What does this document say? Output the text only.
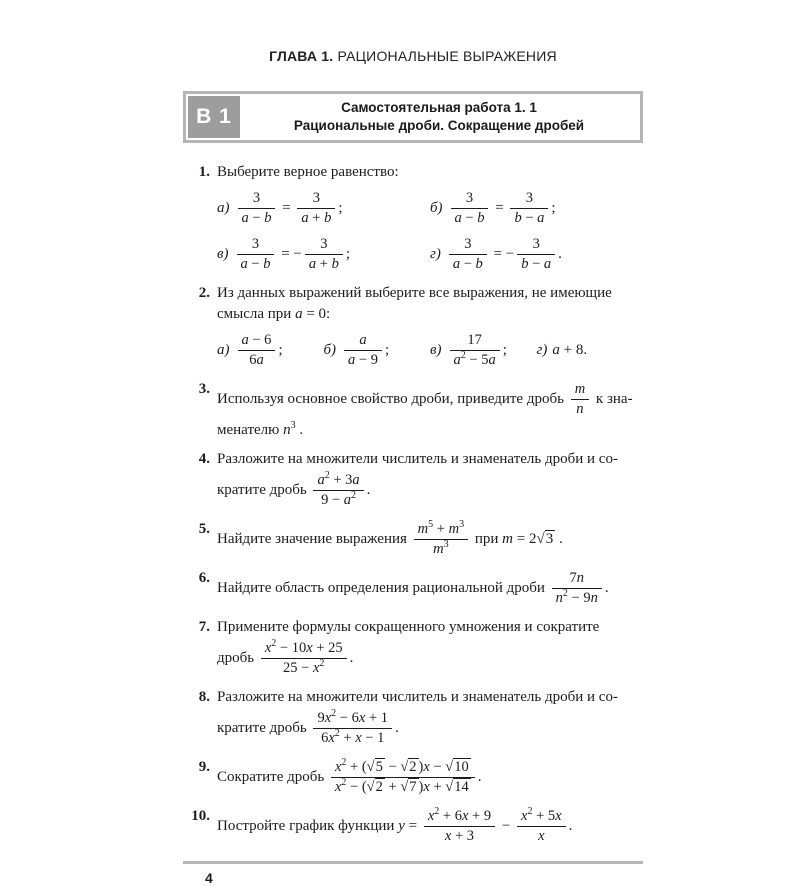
ГЛАВА 1. РАЦИОНАЛЬНЫЕ ВЫРАЖЕНИЯ
В 1	Самостоятельная работа 1. 1
Рациональные дроби. Сокращение дробей
1. Выберите верное равенство:
$а) \frac{3}{a - b} = \frac{3}{a + b}$ ;	$б) \frac{3}{a - b} = \frac{3}{b - a}$ ;
$в) \frac{3}{a - b}$ = − $\frac{3}{a + b}$ ;	$г) \frac{3}{a - b}$ = − $\frac{3}{b - a}$ .
2. Из данных выражений выберите все выражения, не имеющие
смысла при a = 0:
$а) \frac{a - 6}{6a}$ ;	$б) \frac{a}{a - 9}$ ;	$в) \frac{17}{a^2 - 5a}$ ;	г) a + 8.
3.
Используя основное свойство дроби, приведите дробь $\frac{m}{n}$ к зна-
менателю $n^3$ .
4. Разложите на множители числитель и знаменатель дроби и со-
кратите дробь $\frac{a^2 + 3a}{9 - a^2}$ .
5.
Найдите значение выражения $\frac{m^5 + m^3}{m^3}$ при m = 2√3 .
6.
Найдите область определения рациональной дроби $\frac{7n}{n^2 - 9n}$ .
7. Примените формулы сокращенного умножения и сократите
дробь $\frac{x^2 - 10x + 25}{25 - x^2}$ .
8. Разложите на множители числитель и знаменатель дроби и со-
кратите дробь $\frac{9x^2 - 6x + 1}{6x^2 + x - 1}$ .
9.
Сократите дробь $\frac{x^2 + (√5 - √2 )x - √10}{x^2 - (√2 + √7 )x + √14}$ .
10.
Постройте график функции $y = \frac{x^2 + 6x + 9}{x + 3} - \frac{x^2 + 5x}{x}$ .
4
